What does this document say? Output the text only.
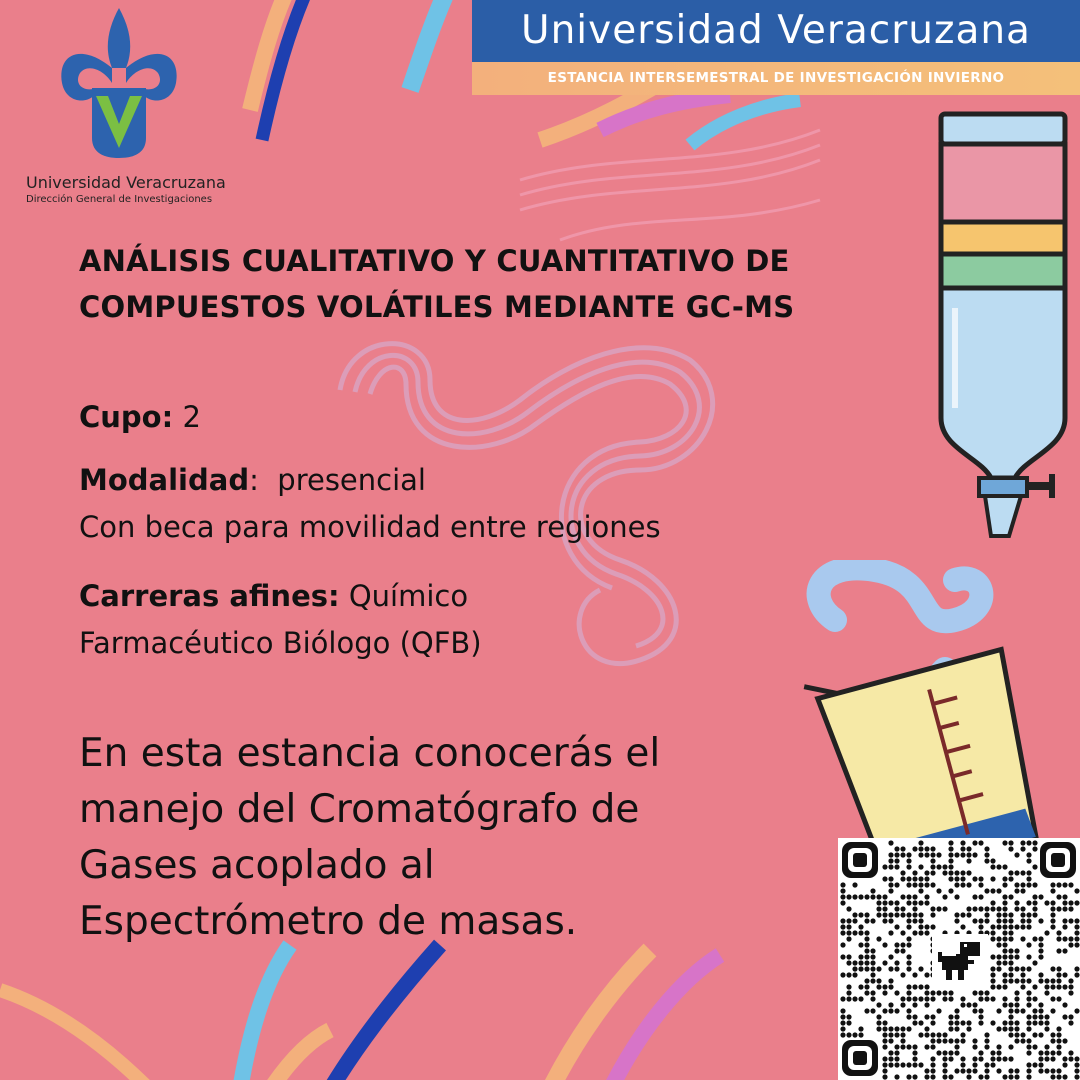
Universidad Veracruzana
ESTANCIA INTERSEMESTRAL DE INVESTIGACIÓN INVIERNO
Universidad Veracruzana
Dirección General de Investigaciones
ANÁLISIS CUALITATIVO Y CUANTITATIVO DE
COMPUESTOS VOLÁTILES MEDIANTE GC-MS
Cupo: 2
Modalidad:  presencial
Con beca para movilidad entre regiones
Carreras afines: Químico
Farmacéutico Biólogo (QFB)
En esta estancia conocerás el
manejo del Cromatógrafo de
Gases acoplado al
Espectrómetro de masas.
